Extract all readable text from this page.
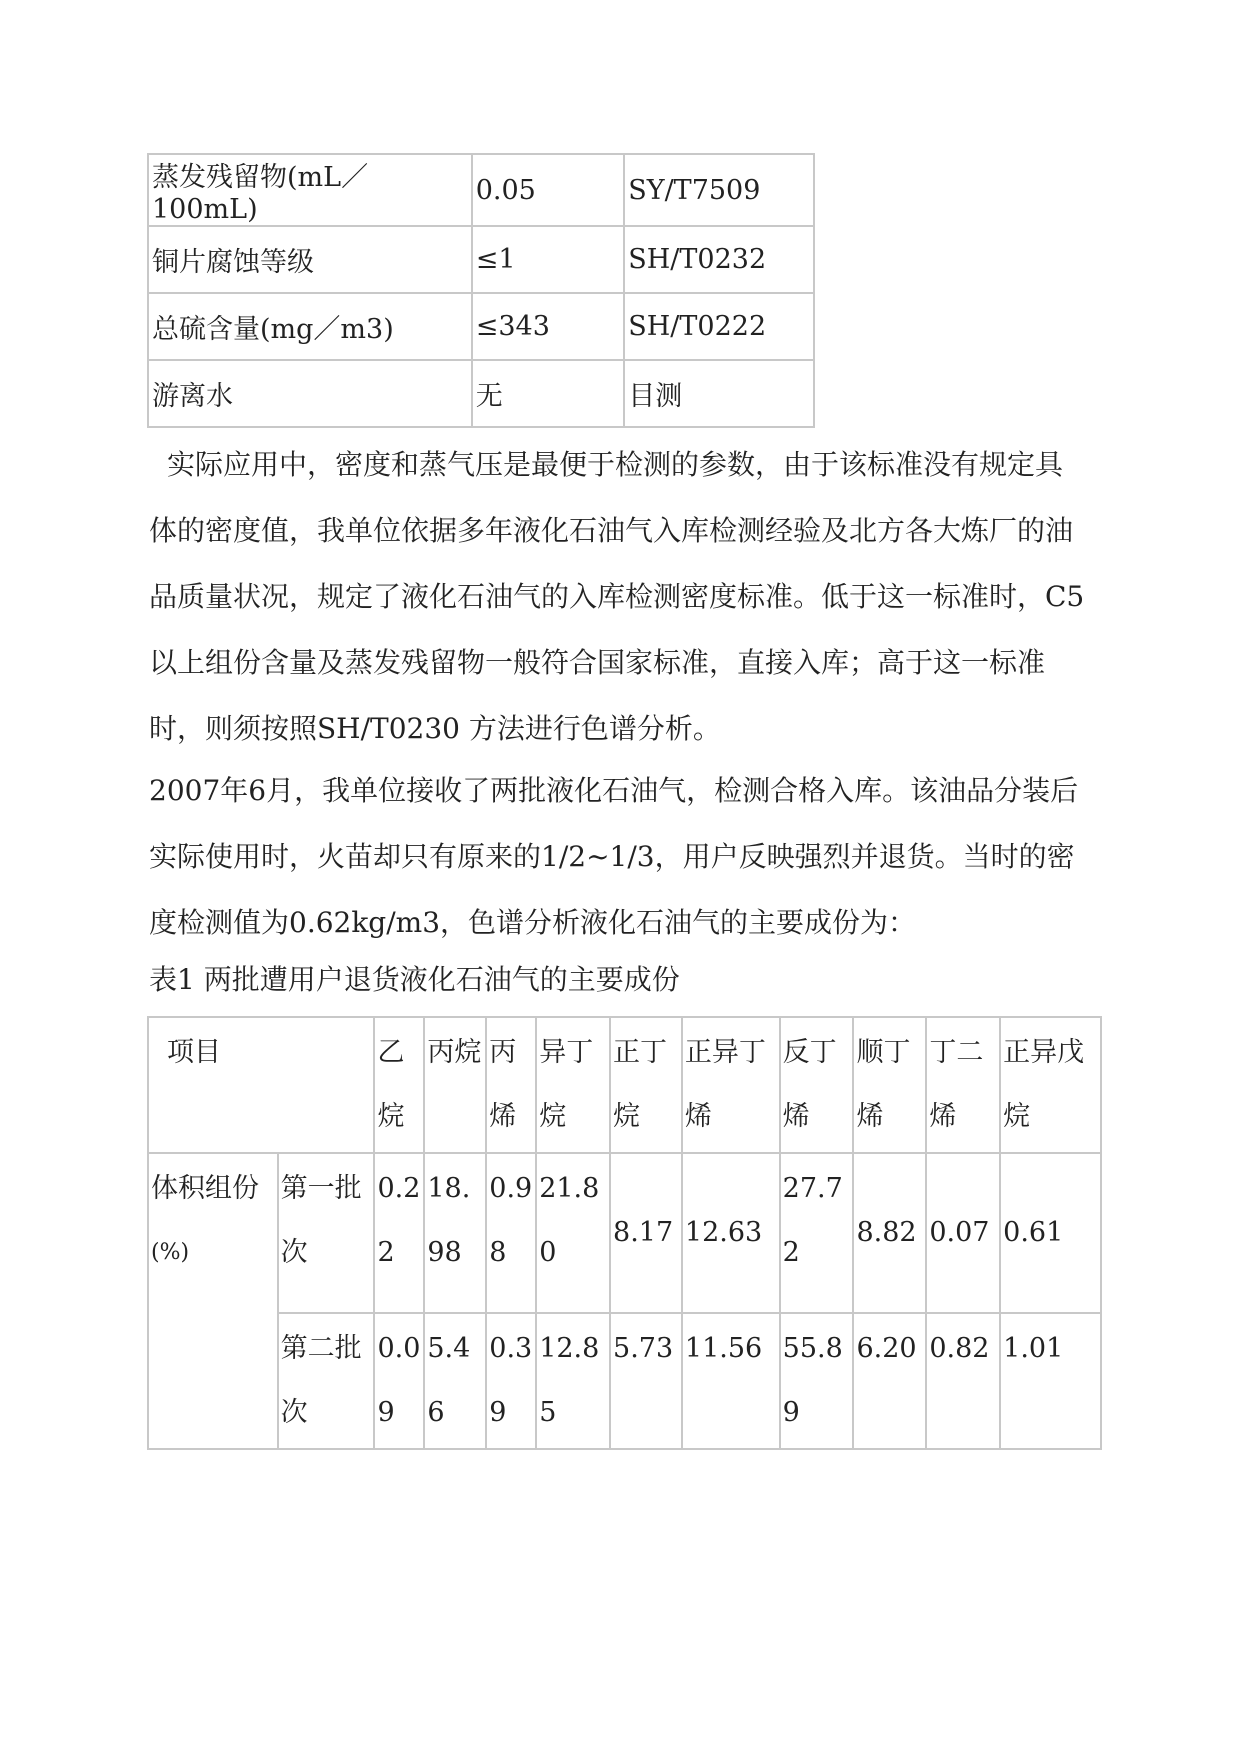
蒸发残留物(mL／100mL)	0.05	SY/T7509
铜片腐蚀等级	≤1	SH/T0232
总硫含量(mg／m3)	≤343	SH/T0222
游离水	无	目测

实际应用中，密度和蒸气压是最便于检测的参数，由于该标准没有规定具体的密度值，我单位依据多年液化石油气入库检测经验及北方各大炼厂的油品质量状况，规定了液化石油气的入库检测密度标准。低于这一标准时，C5以上组份含量及蒸发残留物一般符合国家标准，直接入库；高于这一标准时，则须按照SH/T0230 方法进行色谱分析。

2007年6月，我单位接收了两批液化石油气，检测合格入库。该油品分装后实际使用时，火苗却只有原来的1/2~1/3，用户反映强烈并退货。当时的密度检测值为0.62kg/m3，色谱分析液化石油气的主要成份为：

表1 两批遭用户退货液化石油气的主要成份

项目		乙烷	丙烷	丙烯	异丁烷	正丁烷	正异丁烯	反丁烯	顺丁烯	丁二烯	正异戊烷

体积组份
(%)	第一批次	0.22	18.98	0.98	21.80	8.17	12.63	27.72	8.82	0.07	0.61
	第二批次	0.09	5.46	0.39	12.85	5.73	11.56	55.89	6.20	0.82	1.01
